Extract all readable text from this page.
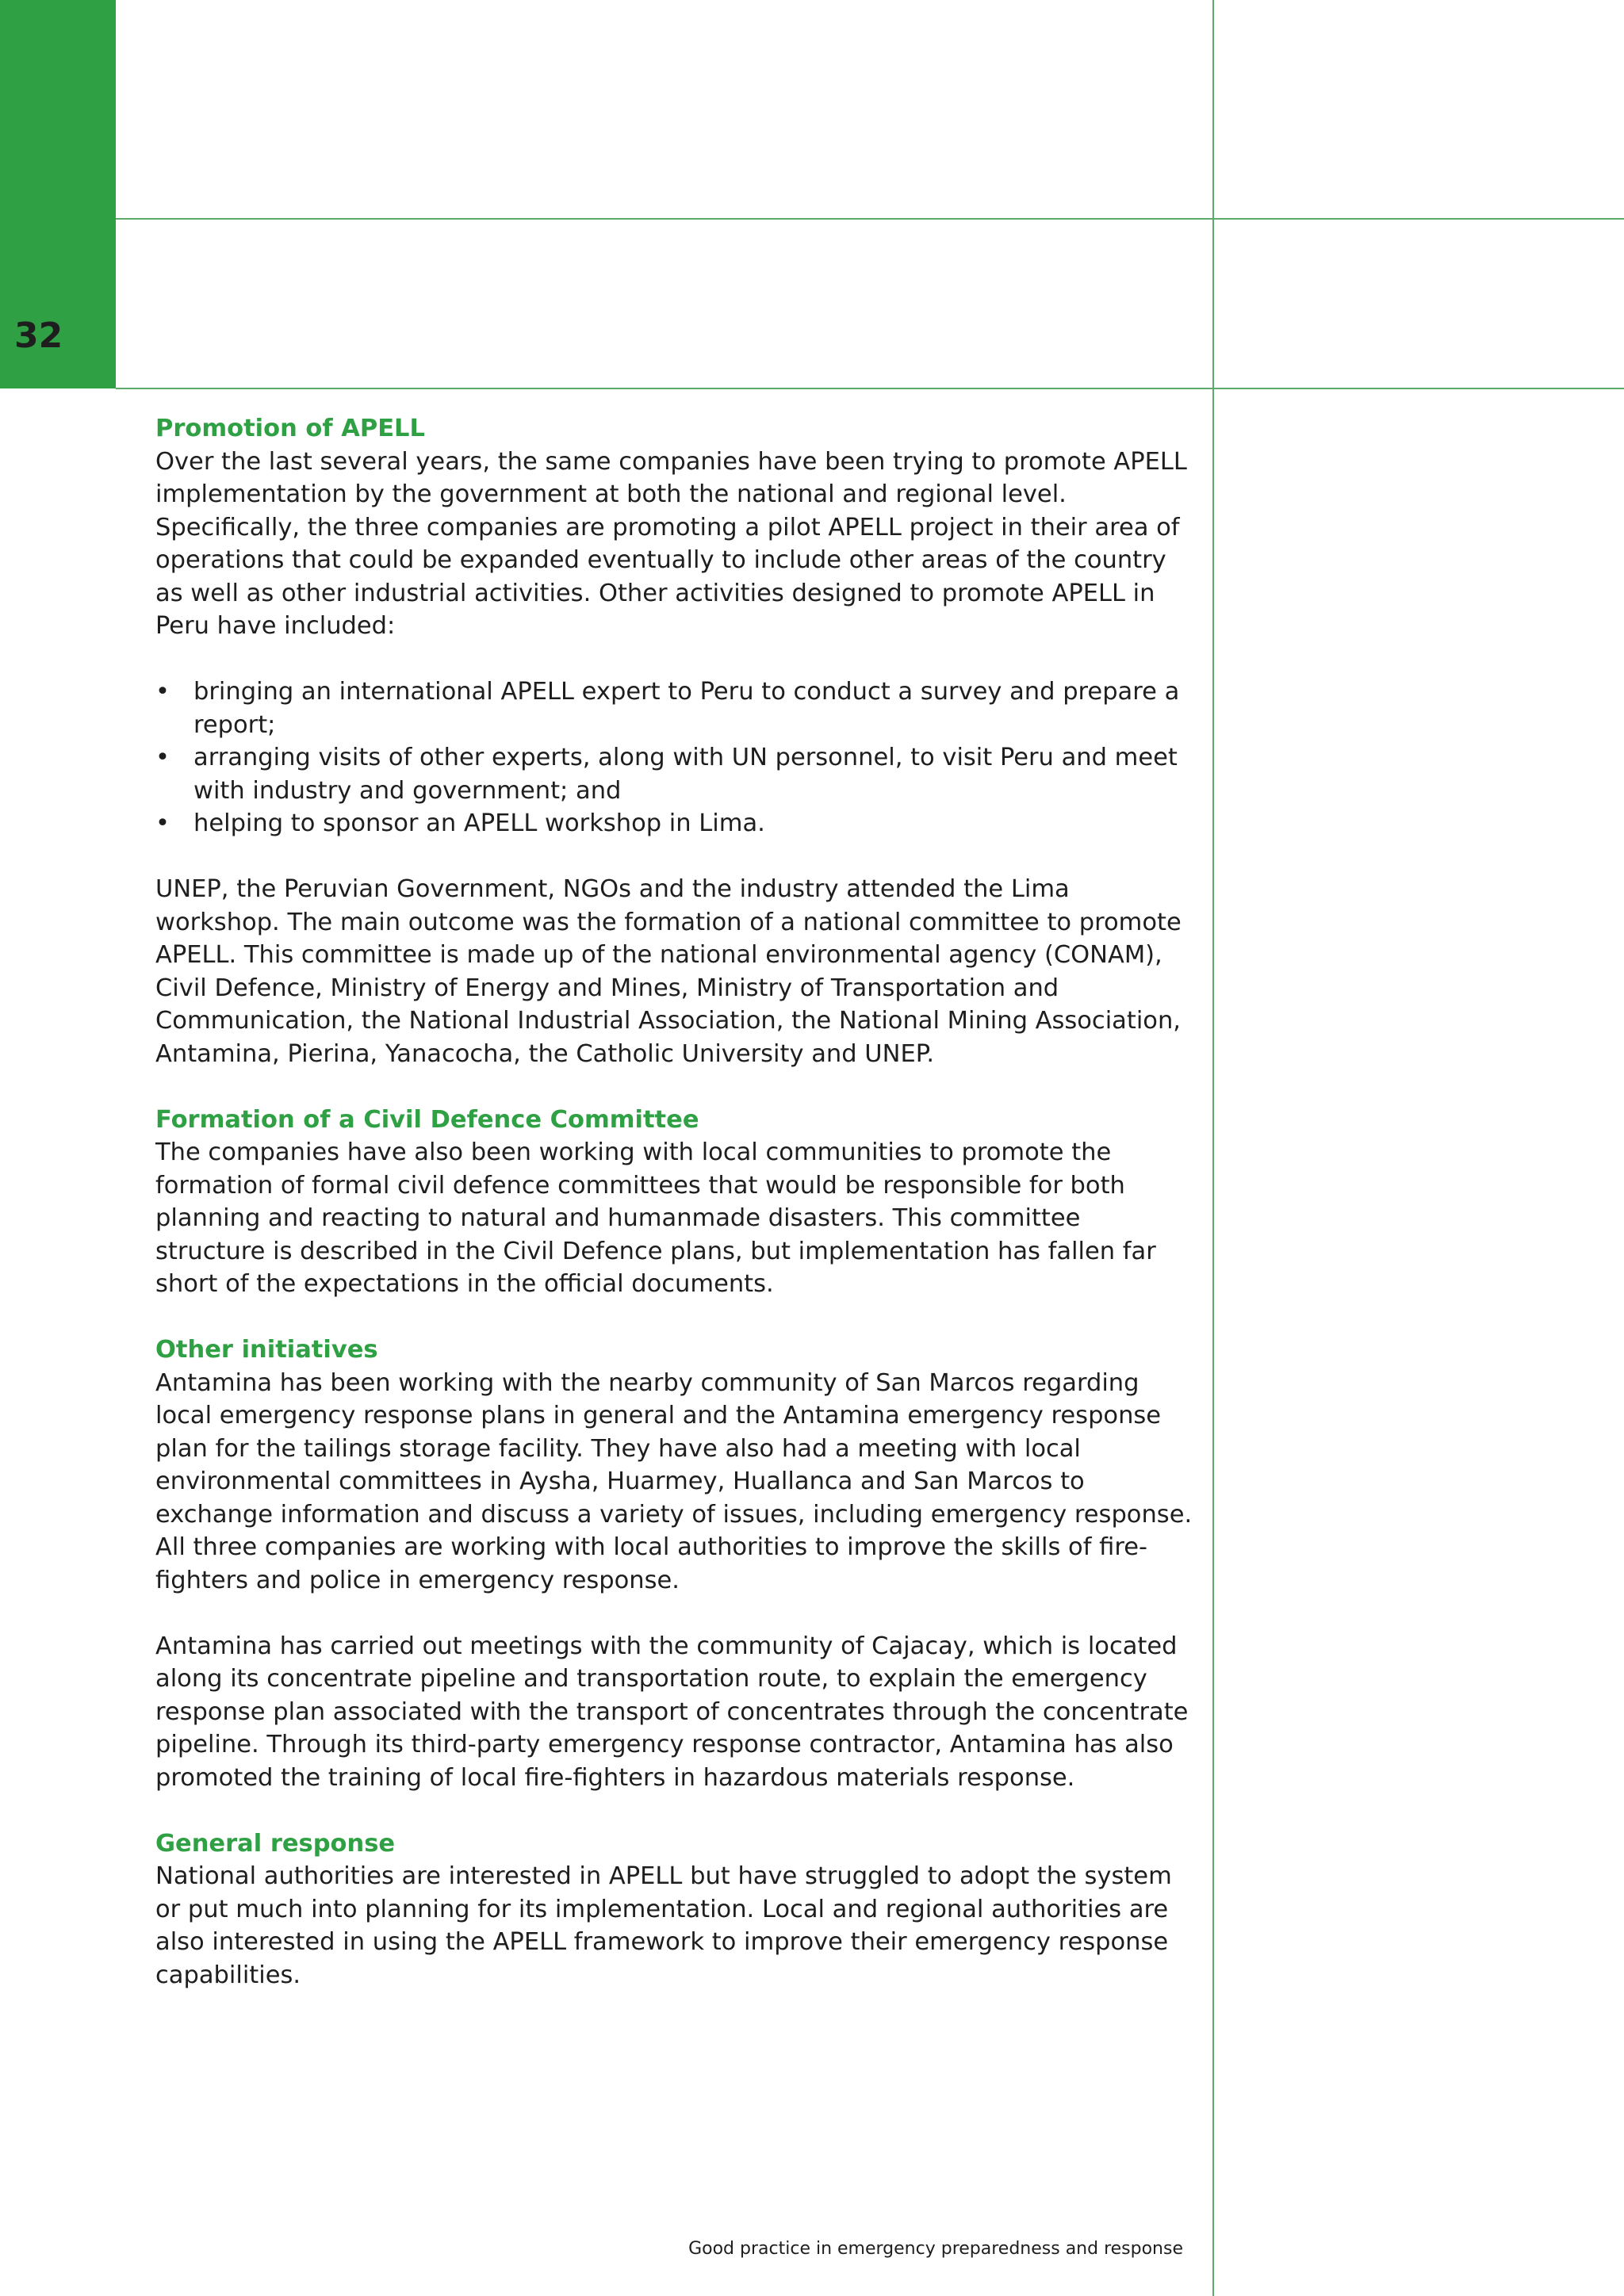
32

Promotion of APELL

Over the last several years, the same companies have been trying to promote APELL implementation by the government at both the national and regional level. Specifically, the three companies are promoting a pilot APELL project in their area of operations that could be expanded eventually to include other areas of the country as well as other industrial activities. Other activities designed to promote APELL in Peru have included:

• bringing an international APELL expert to Peru to conduct a survey and prepare a report;
• arranging visits of other experts, along with UN personnel, to visit Peru and meet with industry and government; and
• helping to sponsor an APELL workshop in Lima.

UNEP, the Peruvian Government, NGOs and the industry attended the Lima workshop. The main outcome was the formation of a national committee to promote APELL. This committee is made up of the national environmental agency (CONAM), Civil Defence, Ministry of Energy and Mines, Ministry of Transportation and Communication, the National Industrial Association, the National Mining Association, Antamina, Pierina, Yanacocha, the Catholic University and UNEP.

Formation of a Civil Defence Committee

The companies have also been working with local communities to promote the formation of formal civil defence committees that would be responsible for both planning and reacting to natural and humanmade disasters. This committee structure is described in the Civil Defence plans, but implementation has fallen far short of the expectations in the official documents.

Other initiatives

Antamina has been working with the nearby community of San Marcos regarding local emergency response plans in general and the Antamina emergency response plan for the tailings storage facility. They have also had a meeting with local environmental committees in Aysha, Huarmey, Huallanca and San Marcos to exchange information and discuss a variety of issues, including emergency response. All three companies are working with local authorities to improve the skills of fire-fighters and police in emergency response.

Antamina has carried out meetings with the community of Cajacay, which is located along its concentrate pipeline and transportation route, to explain the emergency response plan associated with the transport of concentrates through the concentrate pipeline. Through its third-party emergency response contractor, Antamina has also promoted the training of local fire-fighters in hazardous materials response.

General response

National authorities are interested in APELL but have struggled to adopt the system or put much into planning for its implementation. Local and regional authorities are also interested in using the APELL framework to improve their emergency response capabilities.

Good practice in emergency preparedness and response
